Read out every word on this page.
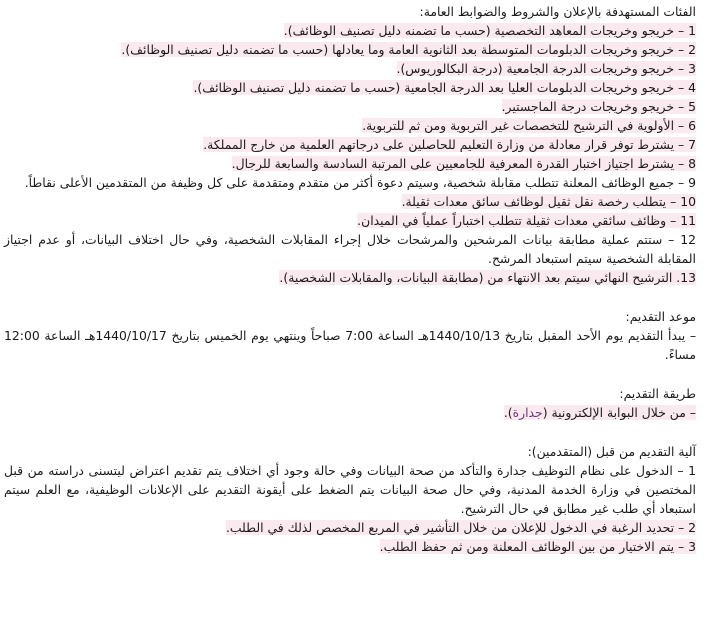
الفئات المستهدفة بالإعلان والشروط والضوابط العامة:

1 – خريجو وخريجات المعاهد التخصصية (حسب ما تضمنه دليل تصنيف الوظائف).

2 – خريجو وخريجات الدبلومات المتوسطة بعد الثانوية العامة وما يعادلها (حسب ما تضمنه دليل تصنيف الوظائف).

3 – خريجو وخريجات الدرجة الجامعية (درجة البكالوريوس).

4 – خريجو وخريجات الدبلومات العليا بعد الدرجة الجامعية (حسب ما تضمنه دليل تصنيف الوظائف).

5 – خريجو وخريجات درجة الماجستير.

6 – الأولوية في الترشيح للتخصصات غير التربوية ومن ثم للتربوية.

7 – يشترط توفر قرار معادلة من وزارة التعليم للحاصلين على درجاتهم العلمية من خارج المملكة.

8 – يشترط اجتياز اختبار القدرة المعرفية للجامعيين على المرتبة السادسة والسابعة للرجال.

9 – جميع الوظائف المعلنة تتطلب مقابلة شخصية، وسيتم دعوة أكثر من متقدم ومتقدمة على كل وظيفة من المتقدمين الأعلى نقاطاً.

10 – يتطلب رخصة نقل ثقيل لوظائف سائق معدات ثقيلة.

11 – وظائف سائقي معدات ثقيلة تتطلب اختباراً عملياً في الميدان.

12 – ستتم عملية مطابقة بيانات المرشحين والمرشحات خلال إجراء المقابلات الشخصية، وفي حال اختلاف البيانات، أو عدم اجتياز المقابلة الشخصية سيتم استبعاد المرشح.

13. الترشيح النهائي سيتم بعد الانتهاء من (مطابقة البيانات، والمقابلات الشخصية).

موعد التقديم:

– يبدأ التقديم يوم الأحد المقبل بتاريخ 1440/10/13هـ الساعة 7:00 صباحاً وينتهي يوم الخميس بتاريخ 1440/10/17هـ الساعة 12:00 مساءً.

طريقة التقديم:

– من خلال البوابة الإلكترونية (جدارة).

آلية التقديم من قبل (المتقدمين):

1 – الدخول على نظام التوظيف جدارة والتأكد من صحة البيانات وفي حالة وجود أي اختلاف يتم تقديم اعتراض ليتسنى دراسته من قبل المختصين في وزارة الخدمة المدنية، وفي حال صحة البيانات يتم الضغط على أيقونة التقديم على الإعلانات الوظيفية، مع العلم سيتم استبعاد أي طلب غير مطابق في حال الترشيح.

2 – تحديد الرغبة في الدخول للإعلان من خلال التأشير في المربع المخصص لذلك في الطلب.

3 – يتم الاختيار من بين الوظائف المعلنة ومن ثم حفظ الطلب.
